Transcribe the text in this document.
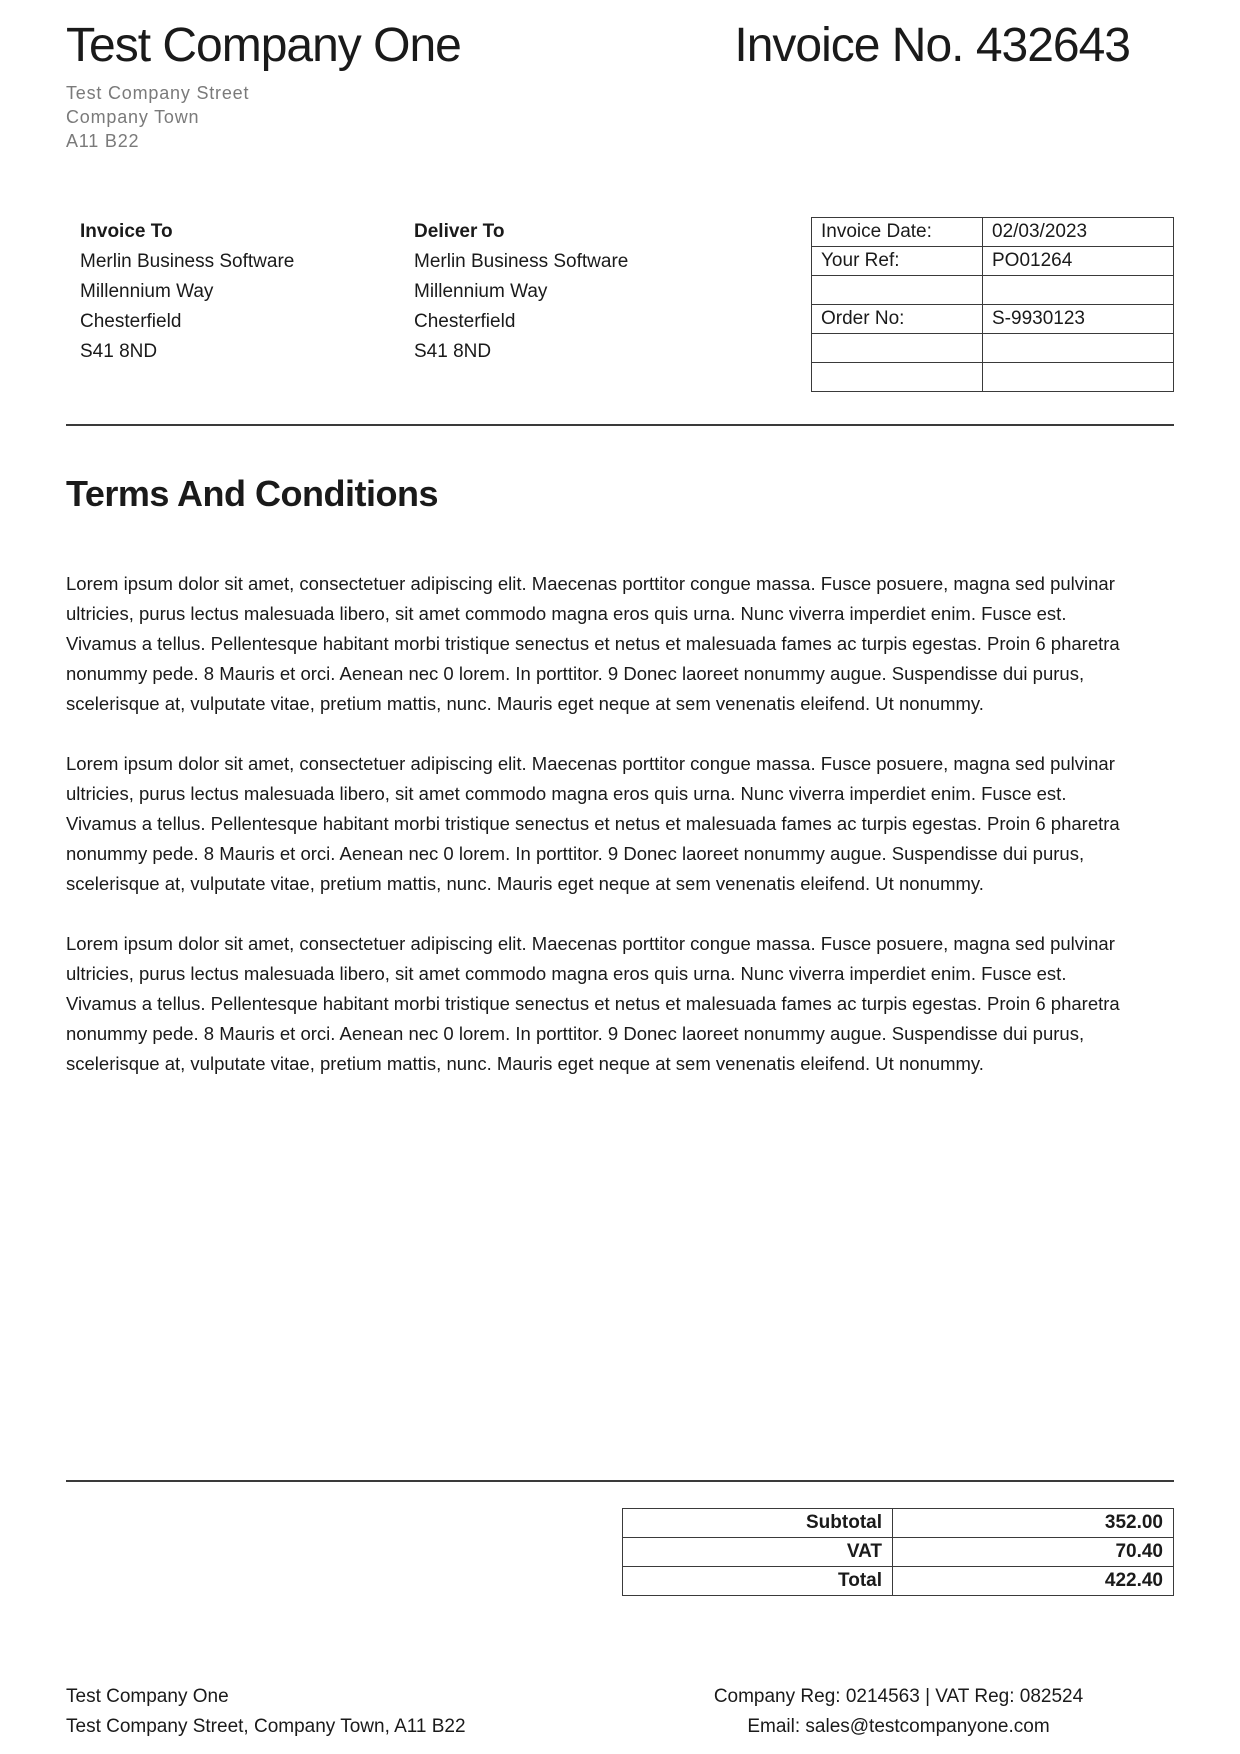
Test Company One	Invoice No. 432643
Test Company Street
Company Town
A11 B22
Invoice To
Merlin Business Software
Millennium Way
Chesterfield
S41 8ND
Deliver To
Merlin Business Software
Millennium Way
Chesterfield
S41 8ND
Invoice Date:	02/03/2023
Your Ref:	PO01264

Order No:	S-9930123

Terms And Conditions

Lorem ipsum dolor sit amet, consectetuer adipiscing elit. Maecenas porttitor congue massa. Fusce posuere, magna sed pulvinar ultricies, purus lectus malesuada libero, sit amet commodo magna eros quis urna. Nunc viverra imperdiet enim. Fusce est. Vivamus a tellus. Pellentesque habitant morbi tristique senectus et netus et malesuada fames ac turpis egestas. Proin 6 pharetra nonummy pede. 8 Mauris et orci. Aenean nec 0 lorem. In porttitor. 9 Donec laoreet nonummy augue. Suspendisse dui purus, scelerisque at, vulputate vitae, pretium mattis, nunc. Mauris eget neque at sem venenatis eleifend. Ut nonummy.

Lorem ipsum dolor sit amet, consectetuer adipiscing elit. Maecenas porttitor congue massa. Fusce posuere, magna sed pulvinar ultricies, purus lectus malesuada libero, sit amet commodo magna eros quis urna. Nunc viverra imperdiet enim. Fusce est. Vivamus a tellus. Pellentesque habitant morbi tristique senectus et netus et malesuada fames ac turpis egestas. Proin 6 pharetra nonummy pede. 8 Mauris et orci. Aenean nec 0 lorem. In porttitor. 9 Donec laoreet nonummy augue. Suspendisse dui purus, scelerisque at, vulputate vitae, pretium mattis, nunc. Mauris eget neque at sem venenatis eleifend. Ut nonummy.

Lorem ipsum dolor sit amet, consectetuer adipiscing elit. Maecenas porttitor congue massa. Fusce posuere, magna sed pulvinar ultricies, purus lectus malesuada libero, sit amet commodo magna eros quis urna. Nunc viverra imperdiet enim. Fusce est. Vivamus a tellus. Pellentesque habitant morbi tristique senectus et netus et malesuada fames ac turpis egestas. Proin 6 pharetra nonummy pede. 8 Mauris et orci. Aenean nec 0 lorem. In porttitor. 9 Donec laoreet nonummy augue. Suspendisse dui purus, scelerisque at, vulputate vitae, pretium mattis, nunc. Mauris eget neque at sem venenatis eleifend. Ut nonummy.

Subtotal	352.00
VAT	70.40
Total	422.40
Test Company One
Test Company Street, Company Town, A11 B22
Company Reg: 0214563 | VAT Reg: 082524
Email: sales@testcompanyone.com
